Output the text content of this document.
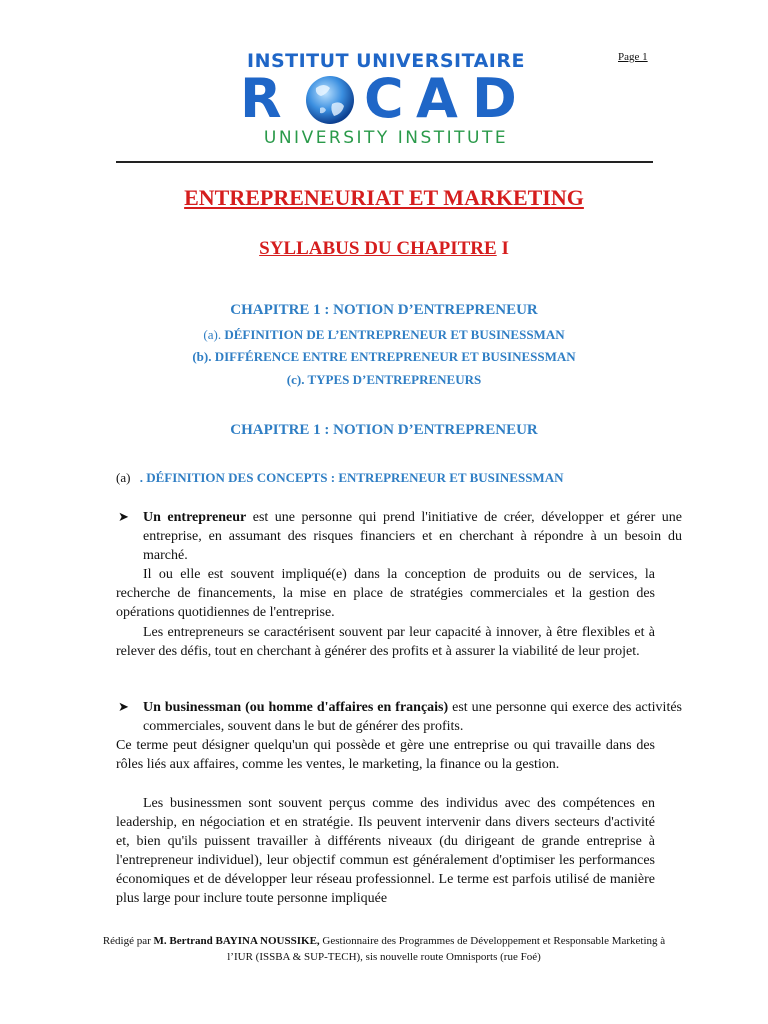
Page 1
INSTITUT UNIVERSITAIRE
R C A D
UNIVERSITY INSTITUTE
ENTREPRENEURIAT ET MARKETING
SYLLABUS DU CHAPITRE I
CHAPITRE 1 : NOTION D’ENTREPRENEUR
(a). DÉFINITION DE L’ENTREPRENEUR ET BUSINESSMAN
(b). DIFFÉRENCE ENTRE ENTREPRENEUR ET BUSINESSMAN
(c). TYPES D’ENTREPRENEURS
CHAPITRE 1 : NOTION D’ENTREPRENEUR
(a) . DÉFINITION DES CONCEPTS : ENTREPRENEUR ET BUSINESSMAN
➤	Un entrepreneur est une personne qui prend l'initiative de créer, développer et gérer une entreprise, en assumant des risques financiers et en cherchant à répondre à un besoin du marché.
Il ou elle est souvent impliqué(e) dans la conception de produits ou de services, la recherche de financements, la mise en place de stratégies commerciales et la gestion des opérations quotidiennes de l'entreprise.
Les entrepreneurs se caractérisent souvent par leur capacité à innover, à être flexibles et à relever des défis, tout en cherchant à générer des profits et à assurer la viabilité de leur projet.
➤	Un businessman (ou homme d'affaires en français) est une personne qui exerce des activités commerciales, souvent dans le but de générer des profits.
Ce terme peut désigner quelqu'un qui possède et gère une entreprise ou qui travaille dans des rôles liés aux affaires, comme les ventes, le marketing, la finance ou la gestion.
Les businessmen sont souvent perçus comme des individus avec des compétences en leadership, en négociation et en stratégie. Ils peuvent intervenir dans divers secteurs d'activité et, bien qu'ils puissent travailler à différents niveaux (du dirigeant de grande entreprise à l'entrepreneur individuel), leur objectif commun est généralement d'optimiser les performances économiques et de développer leur réseau professionnel. Le terme est parfois utilisé de manière plus large pour inclure toute personne impliquée
Rédigé par M. Bertrand BAYINA NOUSSIKE, Gestionnaire des Programmes de Développement et Responsable Marketing à l’IUR (ISSBA & SUP-TECH), sis nouvelle route Omnisports (rue Foé)
